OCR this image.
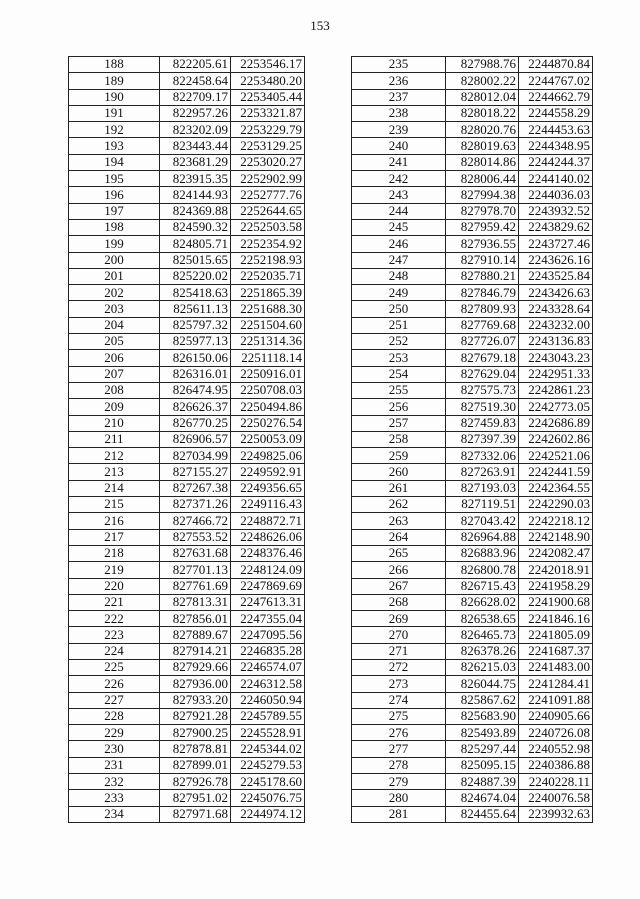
153
188	822205.61	2253546.17
189	822458.64	2253480.20
190	822709.17	2253405.44
191	822957.26	2253321.87
192	823202.09	2253229.79
193	823443.44	2253129.25
194	823681.29	2253020.27
195	823915.35	2252902.99
196	824144.93	2252777.76
197	824369.88	2252644.65
198	824590.32	2252503.58
199	824805.71	2252354.92
200	825015.65	2252198.93
201	825220.02	2252035.71
202	825418.63	2251865.39
203	825611.13	2251688.30
204	825797.32	2251504.60
205	825977.13	2251314.36
206	826150.06	2251118.14
207	826316.01	2250916.01
208	826474.95	2250708.03
209	826626.37	2250494.86
210	826770.25	2250276.54
211	826906.57	2250053.09
212	827034.99	2249825.06
213	827155.27	2249592.91
214	827267.38	2249356.65
215	827371.26	2249116.43
216	827466.72	2248872.71
217	827553.52	2248626.06
218	827631.68	2248376.46
219	827701.13	2248124.09
220	827761.69	2247869.69
221	827813.31	2247613.31
222	827856.01	2247355.04
223	827889.67	2247095.56
224	827914.21	2246835.28
225	827929.66	2246574.07
226	827936.00	2246312.58
227	827933.20	2246050.94
228	827921.28	2245789.55
229	827900.25	2245528.91
230	827878.81	2245344.02
231	827899.01	2245279.53
232	827926.78	2245178.60
233	827951.02	2245076.75
234	827971.68	2244974.12
235	827988.76	2244870.84
236	828002.22	2244767.02
237	828012.04	2244662.79
238	828018.22	2244558.29
239	828020.76	2244453.63
240	828019.63	2244348.95
241	828014.86	2244244.37
242	828006.44	2244140.02
243	827994.38	2244036.03
244	827978.70	2243932.52
245	827959.42	2243829.62
246	827936.55	2243727.46
247	827910.14	2243626.16
248	827880.21	2243525.84
249	827846.79	2243426.63
250	827809.93	2243328.64
251	827769.68	2243232.00
252	827726.07	2243136.83
253	827679.18	2243043.23
254	827629.04	2242951.33
255	827575.73	2242861.23
256	827519.30	2242773.05
257	827459.83	2242686.89
258	827397.39	2242602.86
259	827332.06	2242521.06
260	827263.91	2242441.59
261	827193.03	2242364.55
262	827119.51	2242290.03
263	827043.42	2242218.12
264	826964.88	2242148.90
265	826883.96	2242082.47
266	826800.78	2242018.91
267	826715.43	2241958.29
268	826628.02	2241900.68
269	826538.65	2241846.16
270	826465.73	2241805.09
271	826378.26	2241687.37
272	826215.03	2241483.00
273	826044.75	2241284.41
274	825867.62	2241091.88
275	825683.90	2240905.66
276	825493.89	2240726.08
277	825297.44	2240552.98
278	825095.15	2240386.88
279	824887.39	2240228.11
280	824674.04	2240076.58
281	824455.64	2239932.63
